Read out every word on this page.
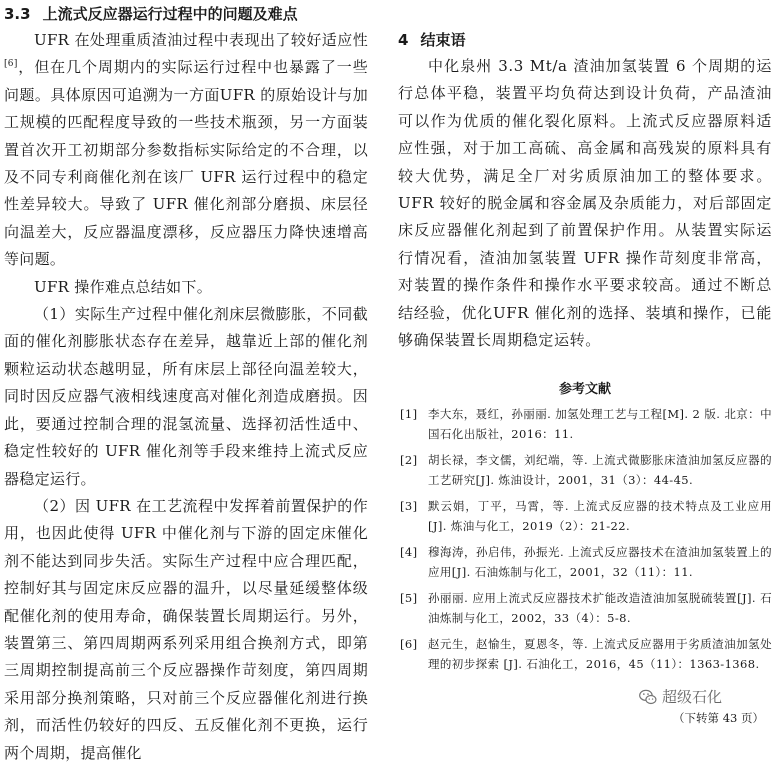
3.3 上流式反应器运行过程中的问题及难点

UFR 在处理重质渣油过程中表现出了较好适应性[6]，但在几个周期内的实际运行过程中也暴露了一些问题。具体原因可追溯为一方面UFR 的原始设计与加工规模的匹配程度导致的一些技术瓶颈，另一方面装置首次开工初期部分参数指标实际给定的不合理，以及不同专利商催化剂在该厂 UFR 运行过程中的稳定性差异较大。导致了 UFR 催化剂部分磨损、床层径向温差大，反应器温度漂移，反应器压力降快速增高等问题。

UFR 操作难点总结如下。

（1）实际生产过程中催化剂床层微膨胀，不同截面的催化剂膨胀状态存在差异，越靠近上部的催化剂颗粒运动状态越明显，所有床层上部径向温差较大，同时因反应器气液相线速度高对催化剂造成磨损。因此，要通过控制合理的混氢流量、选择初活性适中、稳定性较好的 UFR 催化剂等手段来维持上流式反应器稳定运行。

（2）因 UFR 在工艺流程中发挥着前置保护的作用，也因此使得 UFR 中催化剂与下游的固定床催化剂不能达到同步失活。实际生产过程中应合理匹配，控制好其与固定床反应器的温升，以尽量延缓整体级配催化剂的使用寿命，确保装置长周期运行。另外，装置第三、第四周期两系列采用组合换剂方式，即第三周期控制提高前三个反应器操作苛刻度，第四周期采用部分换剂策略，只对前三个反应器催化剂进行换剂，而活性仍较好的四反、五反催化剂不更换，运行两个周期，提高催化

4 结束语

中化泉州 3.3 Mt/a 渣油加氢装置 6 个周期的运行总体平稳，装置平均负荷达到设计负荷，产品渣油可以作为优质的催化裂化原料。上流式反应器原料适应性强，对于加工高硫、高金属和高残炭的原料具有较大优势，满足全厂对劣质原油加工的整体要求。UFR 较好的脱金属和容金属及杂质能力，对后部固定床反应器催化剂起到了前置保护作用。从装置实际运行情况看，渣油加氢装置 UFR 操作苛刻度非常高，对装置的操作条件和操作水平要求较高。通过不断总结经验，优化UFR 催化剂的选择、装填和操作，已能够确保装置长周期稳定运转。

参考文献
[1] 李大东，聂红，孙丽丽. 加氢处理工艺与工程[M]. 2 版. 北京：中国石化出版社，2016：11.
[2] 胡长禄，李文儒，刘纪端，等. 上流式微膨胀床渣油加氢反应器的工艺研究[J]. 炼油设计，2001，31（3）：44-45.
[3] 默云娟，丁平，马霄，等. 上流式反应器的技术特点及工业应用[J]. 炼油与化工，2019（2）：21-22.
[4] 穆海涛，孙启伟，孙振光. 上流式反应器技术在渣油加氢装置上的应用[J]. 石油炼制与化工，2001，32（11）：11.
[5] 孙丽丽. 应用上流式反应器技术扩能改造渣油加氢脱硫装置[J]. 石油炼制与化工，2002，33（4）：5-8.
[6] 赵元生，赵愉生，夏恩冬，等. 上流式反应器用于劣质渣油加氢处理的初步探索 [J]. 石油化工，2016，45（11）：1363-1368.
超级石化
（下转第 43 页）
